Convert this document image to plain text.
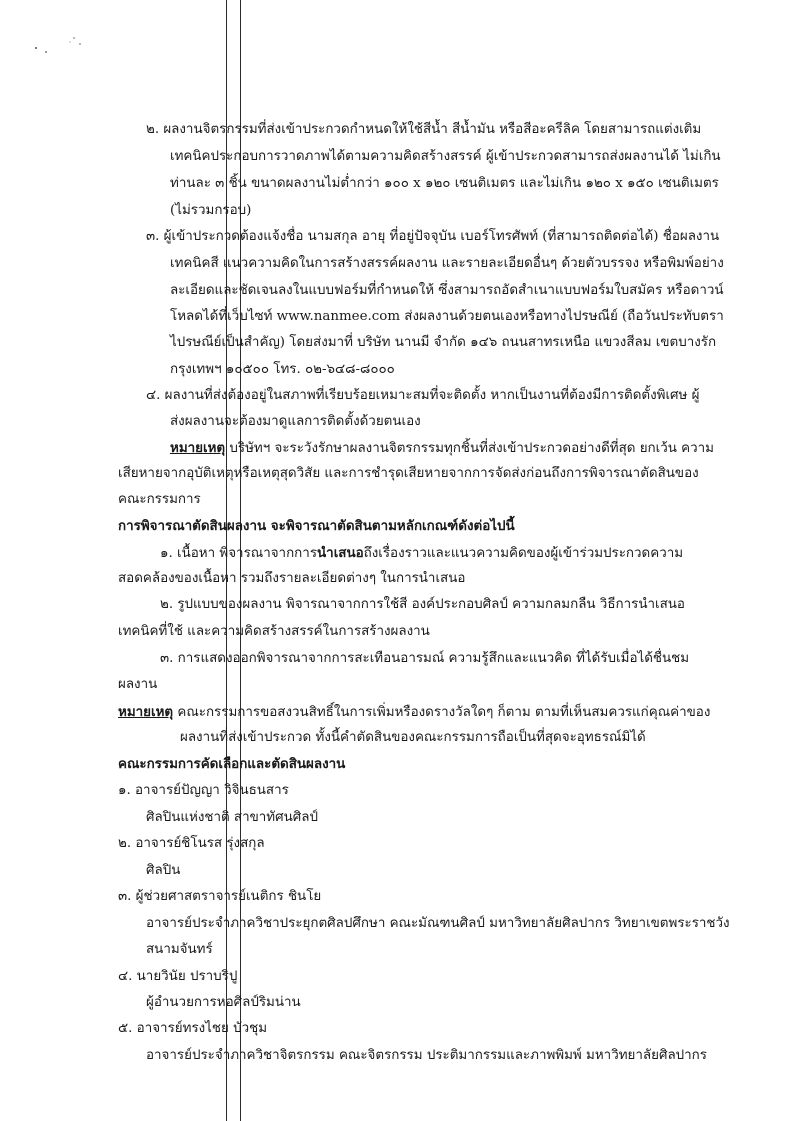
๒. ผลงานจิตรกรรมที่ส่งเข้าประกวดกำหนดให้ใช้สีน้ำ สีน้ำมัน หรือสีอะครีลิค โดยสามารถแต่งเติม
เทคนิคประกอบการวาดภาพได้ตามความคิดสร้างสรรค์ ผู้เข้าประกวดสามารถส่งผลงานได้ ไม่เกิน
ท่านละ ๓ ชิ้น ขนาดผลงานไม่ต่ำกว่า ๑๐๐ x ๑๒๐ เซนติเมตร และไม่เกิน ๑๒๐ x ๑๕๐ เซนติเมตร
(ไม่รวมกรอบ)
๓. ผู้เข้าประกวดต้องแจ้งชื่อ นามสกุล อายุ ที่อยู่ปัจจุบัน เบอร์โทรศัพท์ (ที่สามารถติดต่อได้) ชื่อผลงาน
เทคนิคสี แนวความคิดในการสร้างสรรค์ผลงาน และรายละเอียดอื่นๆ ด้วยตัวบรรจง หรือพิมพ์อย่าง
ละเอียดและชัดเจนลงในแบบฟอร์มที่กำหนดให้ ซึ่งสามารถอัดสำเนาแบบฟอร์มใบสมัคร หรือดาวน์
โหลดได้ที่เว็บไซท์ www.nanmee.com ส่งผลงานด้วยตนเองหรือทางไปรษณีย์ (ถือวันประทับตรา
ไปรษณีย์เป็นสำคัญ) โดยส่งมาที่ บริษัท นานมี จำกัด ๑๔๖ ถนนสาทรเหนือ แขวงสีลม เขตบางรัก
กรุงเทพฯ ๑๐๕๐๐ โทร. ๐๒-๖๔๘-๘๐๐๐
๔. ผลงานที่ส่งต้องอยู่ในสภาพที่เรียบร้อยเหมาะสมที่จะติดตั้ง หากเป็นงานที่ต้องมีการติดตั้งพิเศษ ผู้
ส่งผลงานจะต้องมาดูแลการติดตั้งด้วยตนเอง
หมายเหตุ บริษัทฯ จะระวังรักษาผลงานจิตรกรรมทุกชิ้นที่ส่งเข้าประกวดอย่างดีที่สุด ยกเว้น ความ
เสียหายจากอุบัติเหตุหรือเหตุสุดวิสัย และการชำรุดเสียหายจากการจัดส่งก่อนถึงการพิจารณาตัดสินของ
คณะกรรมการ
การพิจารณาตัดสินผลงาน จะพิจารณาตัดสินตามหลักเกณฑ์ดังต่อไปนี้
๑. เนื้อหา พิจารณาจากการนำเสนอถึงเรื่องราวและแนวความคิดของผู้เข้าร่วมประกวดความ
สอดคล้องของเนื้อหา รวมถึงรายละเอียดต่างๆ ในการนำเสนอ
๒. รูปแบบของผลงาน พิจารณาจากการใช้สี องค์ประกอบศิลป์ ความกลมกลืน วิธีการนำเสนอ
เทคนิคที่ใช้ และความคิดสร้างสรรค์ในการสร้างผลงาน
๓. การแสดงออกพิจารณาจากการสะเทือนอารมณ์ ความรู้สึกและแนวคิด ที่ได้รับเมื่อได้ชื่นชม
ผลงาน
หมายเหตุ คณะกรรมการขอสงวนสิทธิ์ในการเพิ่มหรืองดรางวัลใดๆ ก็ตาม ตามที่เห็นสมควรแก่คุณค่าของ
ผลงานที่ส่งเข้าประกวด ทั้งนี้คำตัดสินของคณะกรรมการถือเป็นที่สุดจะอุทธรณ์มิได้
คณะกรรมการคัดเลือกและตัดสินผลงาน
๑. อาจารย์ปัญญา วิจินธนสาร
ศิลปินแห่งชาติ สาขาทัศนศิลป์
๒. อาจารย์ชิโนรส รุ่งสกุล
ศิลปิน
๓. ผู้ช่วยศาสตราจารย์เนติกร ชินโย
อาจารย์ประจำภาควิชาประยุกตศิลปศึกษา คณะมัณฑนศิลป์ มหาวิทยาลัยศิลปากร วิทยาเขตพระราชวัง
สนามจันทร์
๔. นายวินัย ปราบริปู
ผู้อำนวยการหอศิลป์ริมน่าน
๕. อาจารย์ทรงไชย บัวชุม
อาจารย์ประจำภาควิชาจิตรกรรม คณะจิตรกรรม ประติมากรรมและภาพพิมพ์ มหาวิทยาลัยศิลปากร
